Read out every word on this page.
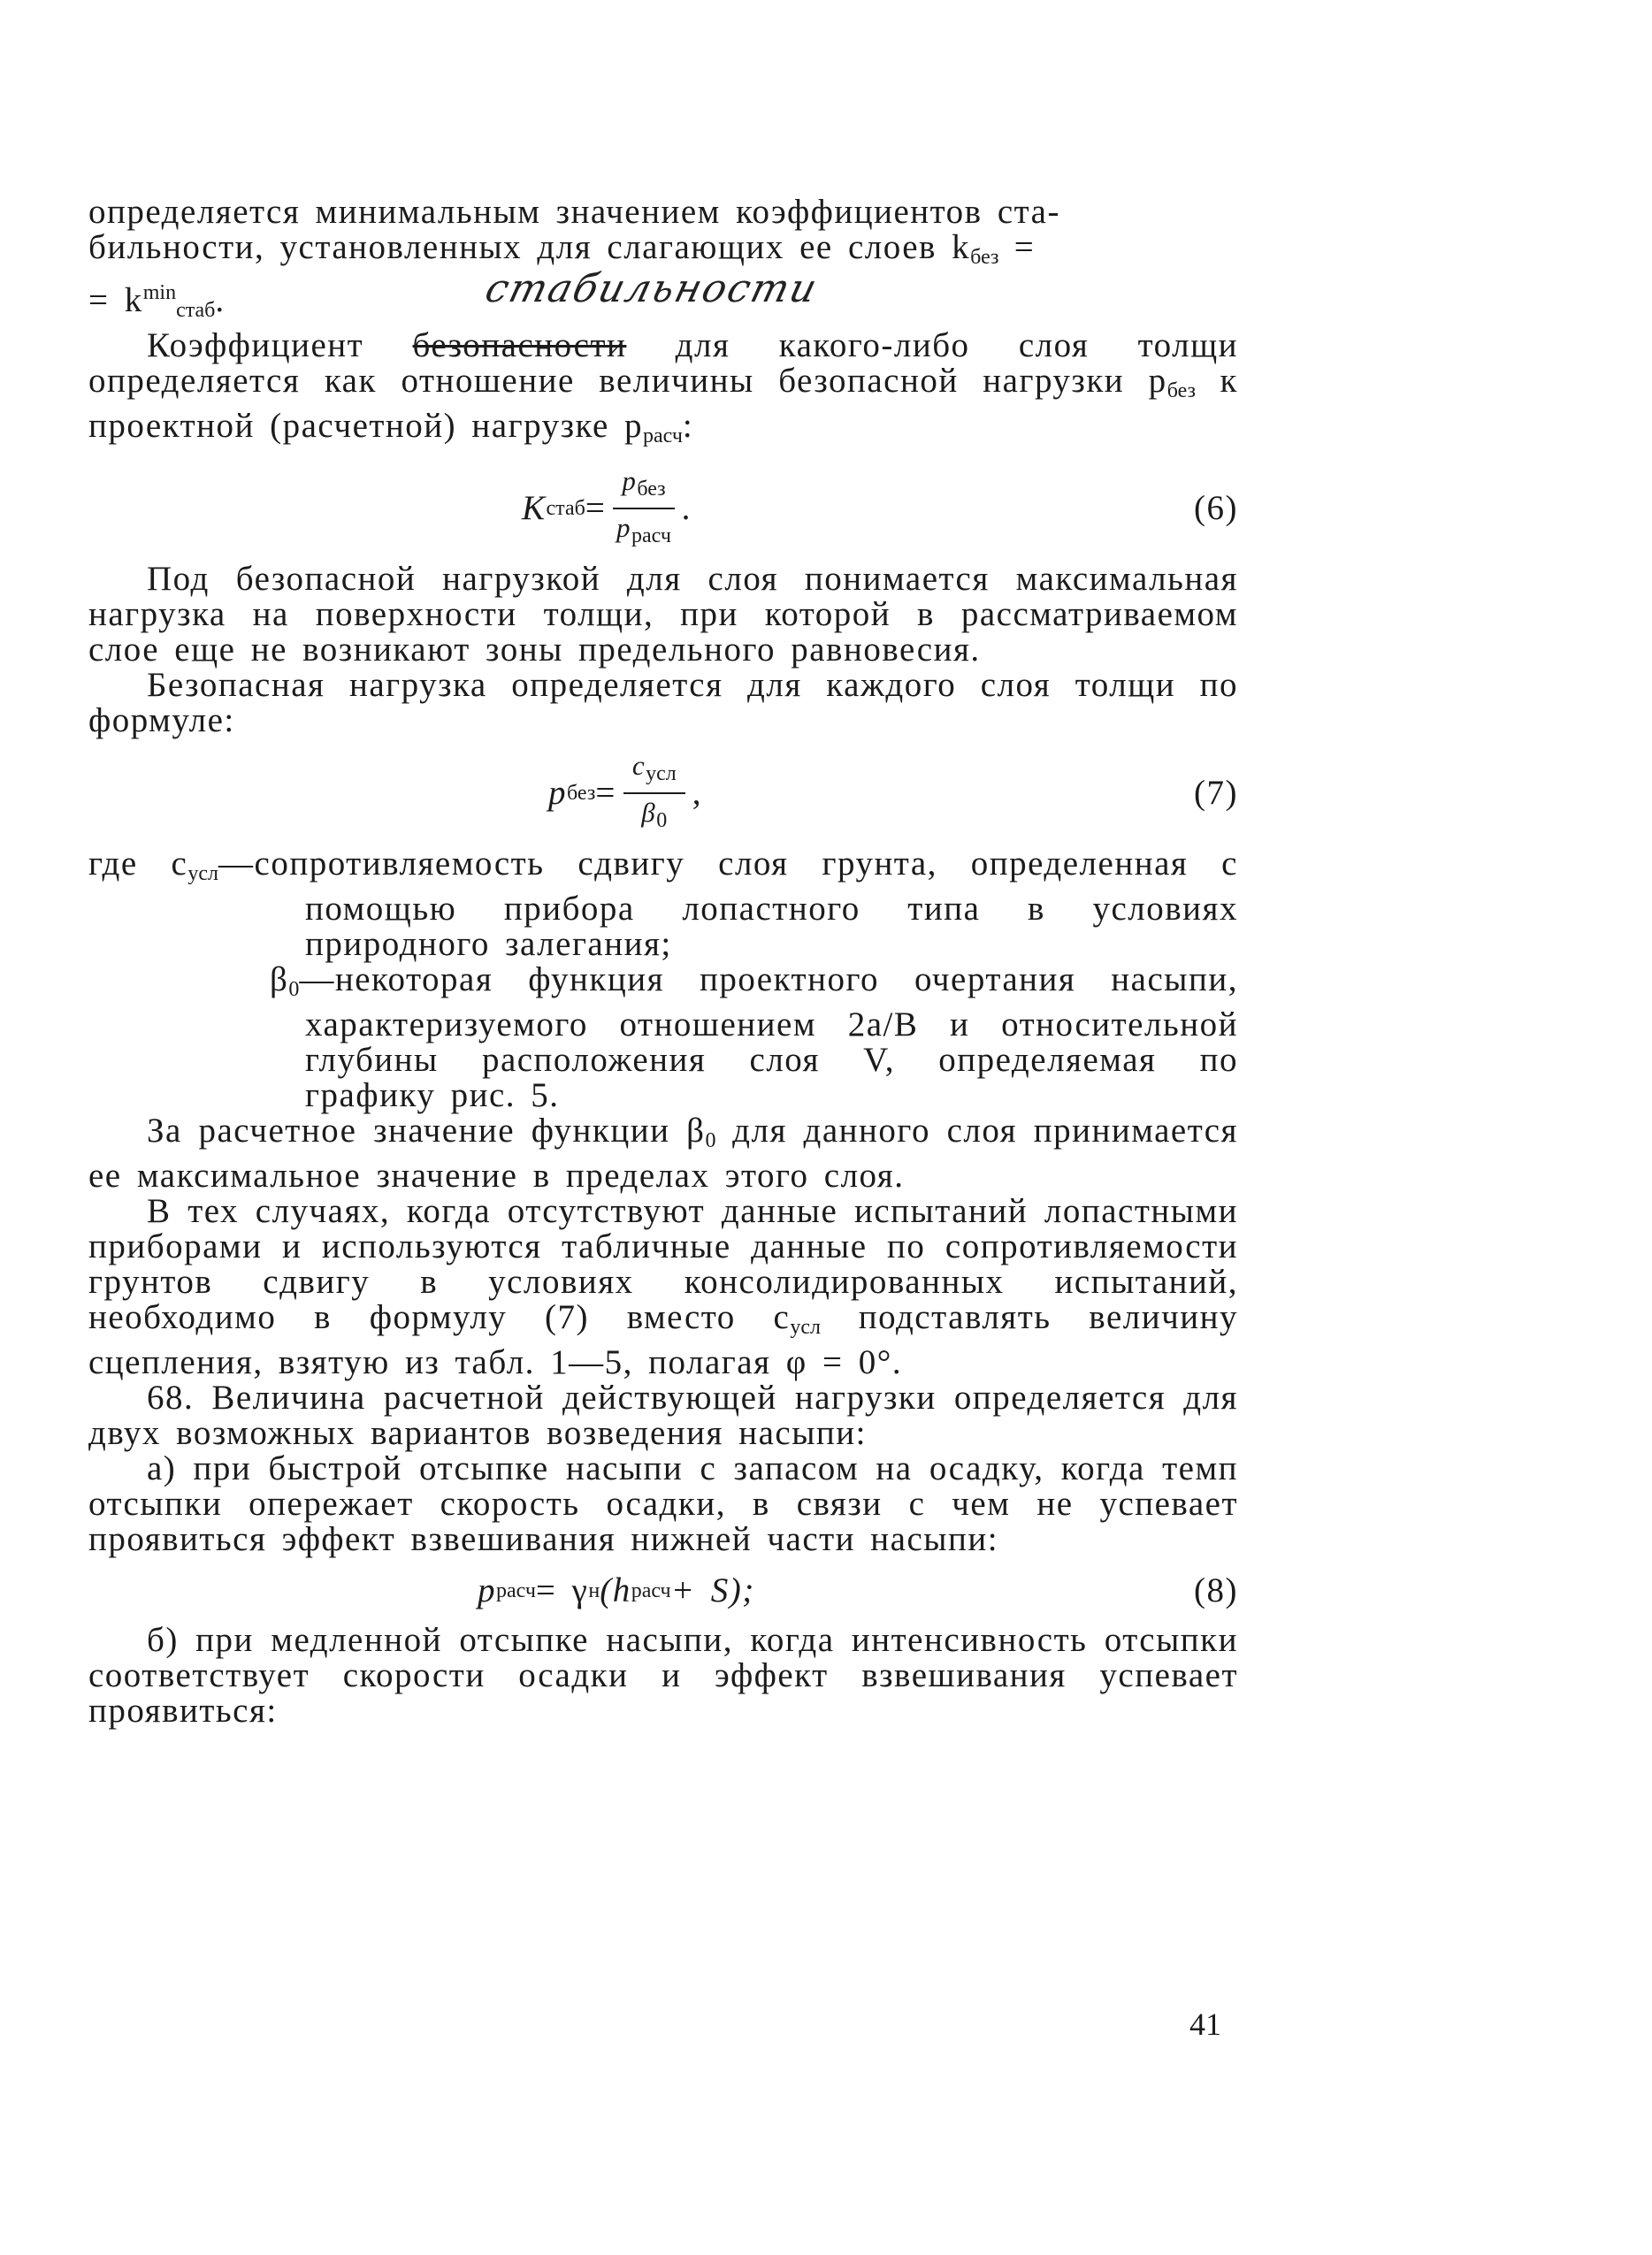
определяется минимальным значением коэффициентов ста-

бильности, установленных для слагающих ее слоев $k_{без}$ =

= $k^{min}_{стаб}$.	стабильности

Коэффициент безопасности для какого-либо слоя толщи определяется как отношение величины безопасной нагрузки $p_{без}$ к проектной (расчетной) нагрузке $p_{расч}$:

K стаб = $\frac{p_{без}}{p_{расч}}$ .	(6)

Под безопасной нагрузкой для слоя понимается максимальная нагрузка на поверхности толщи, при которой в рассматриваемом слое еще не возникают зоны предельного равновесия.

Безопасная нагрузка определяется для каждого слоя толщи по формуле:

p без = $\frac{c_{усл}}{\beta_0}$ ,	(7)

где $c_{усл}—сопротивляемость$ сдвигу слоя грунта, определенная с помощью прибора лопастного типа в условиях природного залегания;

$\beta_0—некоторая$ функция проектного очертания насыпи, характеризуемого отношением 2a/B и относительной глубины расположения слоя V, определяемая по графику рис. 5.

За расчетное значение функции $\beta_0$ для данного слоя принимается ее максимальное значение в пределах этого слоя.

В тех случаях, когда отсутствуют данные испытаний лопастными приборами и используются табличные данные по сопротивляемости грунтов сдвигу в условиях консолидированных испытаний, необходимо в формулу (7) вместо $c_{усл}$ подставлять величину сцепления, взятую из табл. 1—5, полагая φ = 0°.

68. Величина расчетной действующей нагрузки определяется для двух возможных вариантов возведения насыпи:

а) при быстрой отсыпке насыпи с запасом на осадку, когда темп отсыпки опережает скорость осадки, в связи с чем не успевает проявиться эффект взвешивания нижней части насыпи:

p расч = γ н (h расч + S);	(8)

б) при медленной отсыпке насыпи, когда интенсивность отсыпки соответствует скорости осадки и эффект взвешивания успевает проявиться:

41
